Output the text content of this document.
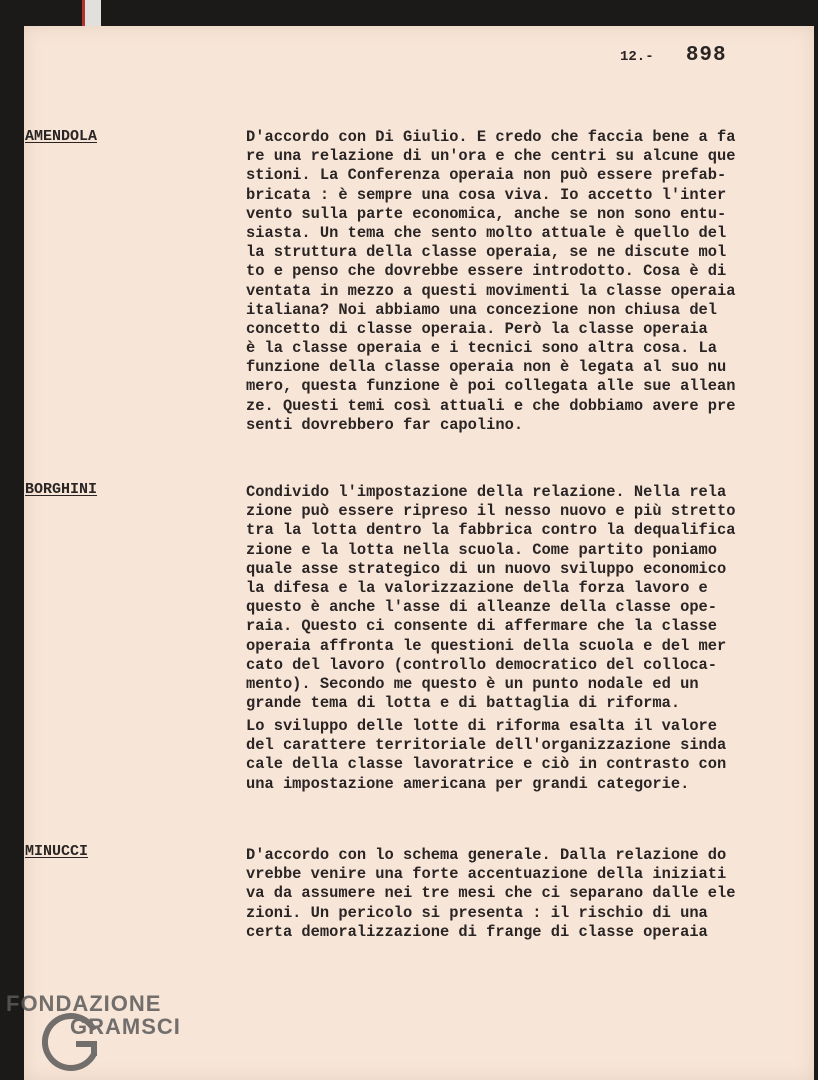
12.- 898
AMENDOLA	D'accordo con Di Giulio. E credo che faccia bene a fa
re una relazione di un'ora e che centri su alcune que
stioni. La Conferenza operaia non può essere prefab-
bricata : è sempre una cosa viva. Io accetto l'inter
vento sulla parte economica, anche se non sono entu-
siasta. Un tema che sento molto attuale è quello del
la struttura della classe operaia, se ne discute mol
to e penso che dovrebbe essere introdotto. Cosa è di
ventata in mezzo a questi movimenti la classe operaia
italiana? Noi abbiamo una concezione non chiusa del
concetto di classe operaia. Però la classe operaia
è la classe operaia e i tecnici sono altra cosa. La
funzione della classe operaia non è legata al suo nu
mero, questa funzione è poi collegata alle sue allean
ze. Questi temi così attuali e che dobbiamo avere pre
senti dovrebbero far capolino.
BORGHINI	Condivido l'impostazione della relazione. Nella rela
zione può essere ripreso il nesso nuovo e più stretto
tra la lotta dentro la fabbrica contro la dequalifica
zione e la lotta nella scuola. Come partito poniamo
quale asse strategico di un nuovo sviluppo economico
la difesa e la valorizzazione della forza lavoro e
questo è anche l'asse di alleanze della classe ope-
raia. Questo ci consente di affermare che la classe
operaia affronta le questioni della scuola e del mer
cato del lavoro (controllo democratico del colloca-
mento). Secondo me questo è un punto nodale ed un
grande tema di lotta e di battaglia di riforma.
Lo sviluppo delle lotte di riforma esalta il valore
del carattere territoriale dell'organizzazione sinda
cale della classe lavoratrice e ciò in contrasto con
una impostazione americana per grandi categorie.
MINUCCI	D'accordo con lo schema generale. Dalla relazione do
vrebbe venire una forte accentuazione della iniziati
va da assumere nei tre mesi che ci separano dalle ele
zioni. Un pericolo si presenta : il rischio di una
certa demoralizzazione di frange di classe operaia
FONDAZIONE
GRAMSCI
